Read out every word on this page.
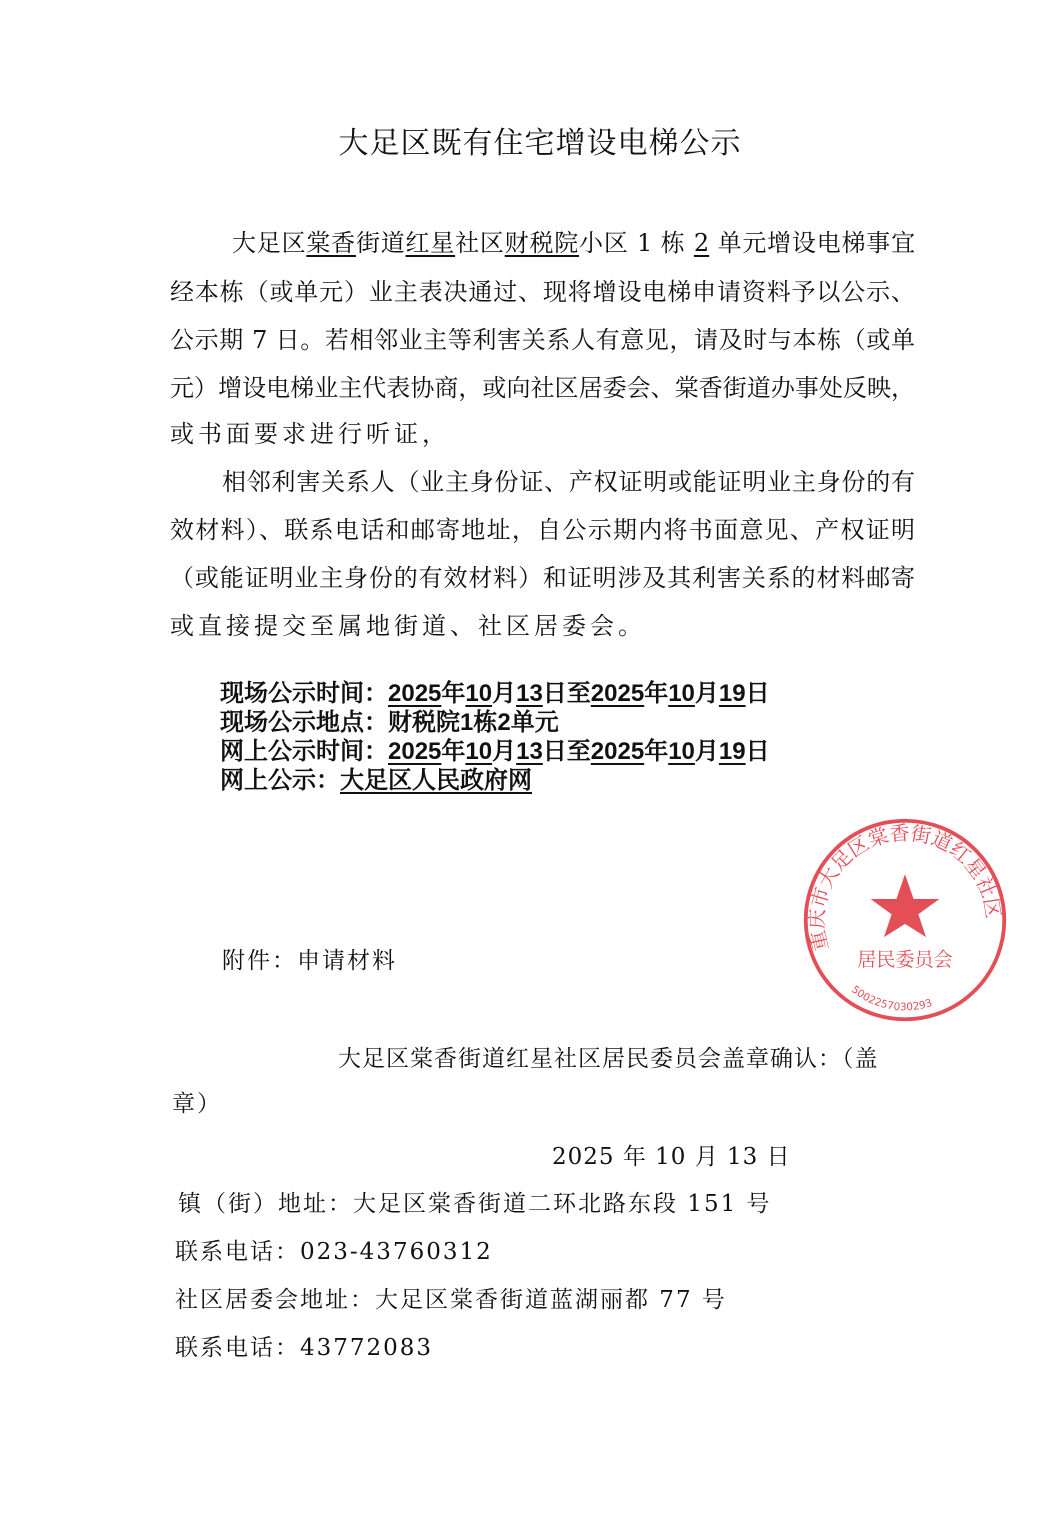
大足区既有住宅增设电梯公示
大足区棠香街道红星社区财税院小区 1 栋 2 单元增设电梯事宜
经本栋（或单元）业主表决通过、现将增设电梯申请资料予以公示、
公示期 7 日。若相邻业主等利害关系人有意见，请及时与本栋（或单
元）增设电梯业主代表协商，或向社区居委会、棠香街道办事处反映，
或书面要求进行听证，
相邻利害关系人（业主身份证、产权证明或能证明业主身份的有
效材料）、联系电话和邮寄地址，自公示期内将书面意见、产权证明
（或能证明业主身份的有效材料）和证明涉及其利害关系的材料邮寄
或直接提交至属地街道、社区居委会。
现场公示时间：2025年10月13日至2025年10月19日
现场公示地点：财税院1栋2单元
网上公示时间：2025年10月13日至2025年10月19日
网上公示：大足区人民政府网
附件：申请材料
重庆市大足区棠香街道红星社区
居民委员会
5002257030293
大足区棠香街道红星社区居民委员会盖章确认：（盖
章）
2025 年 10 月 13 日
镇（街）地址：大足区棠香街道二环北路东段 151 号
联系电话：023-43760312
社区居委会地址：大足区棠香街道蓝湖丽都 77 号
联系电话：43772083
